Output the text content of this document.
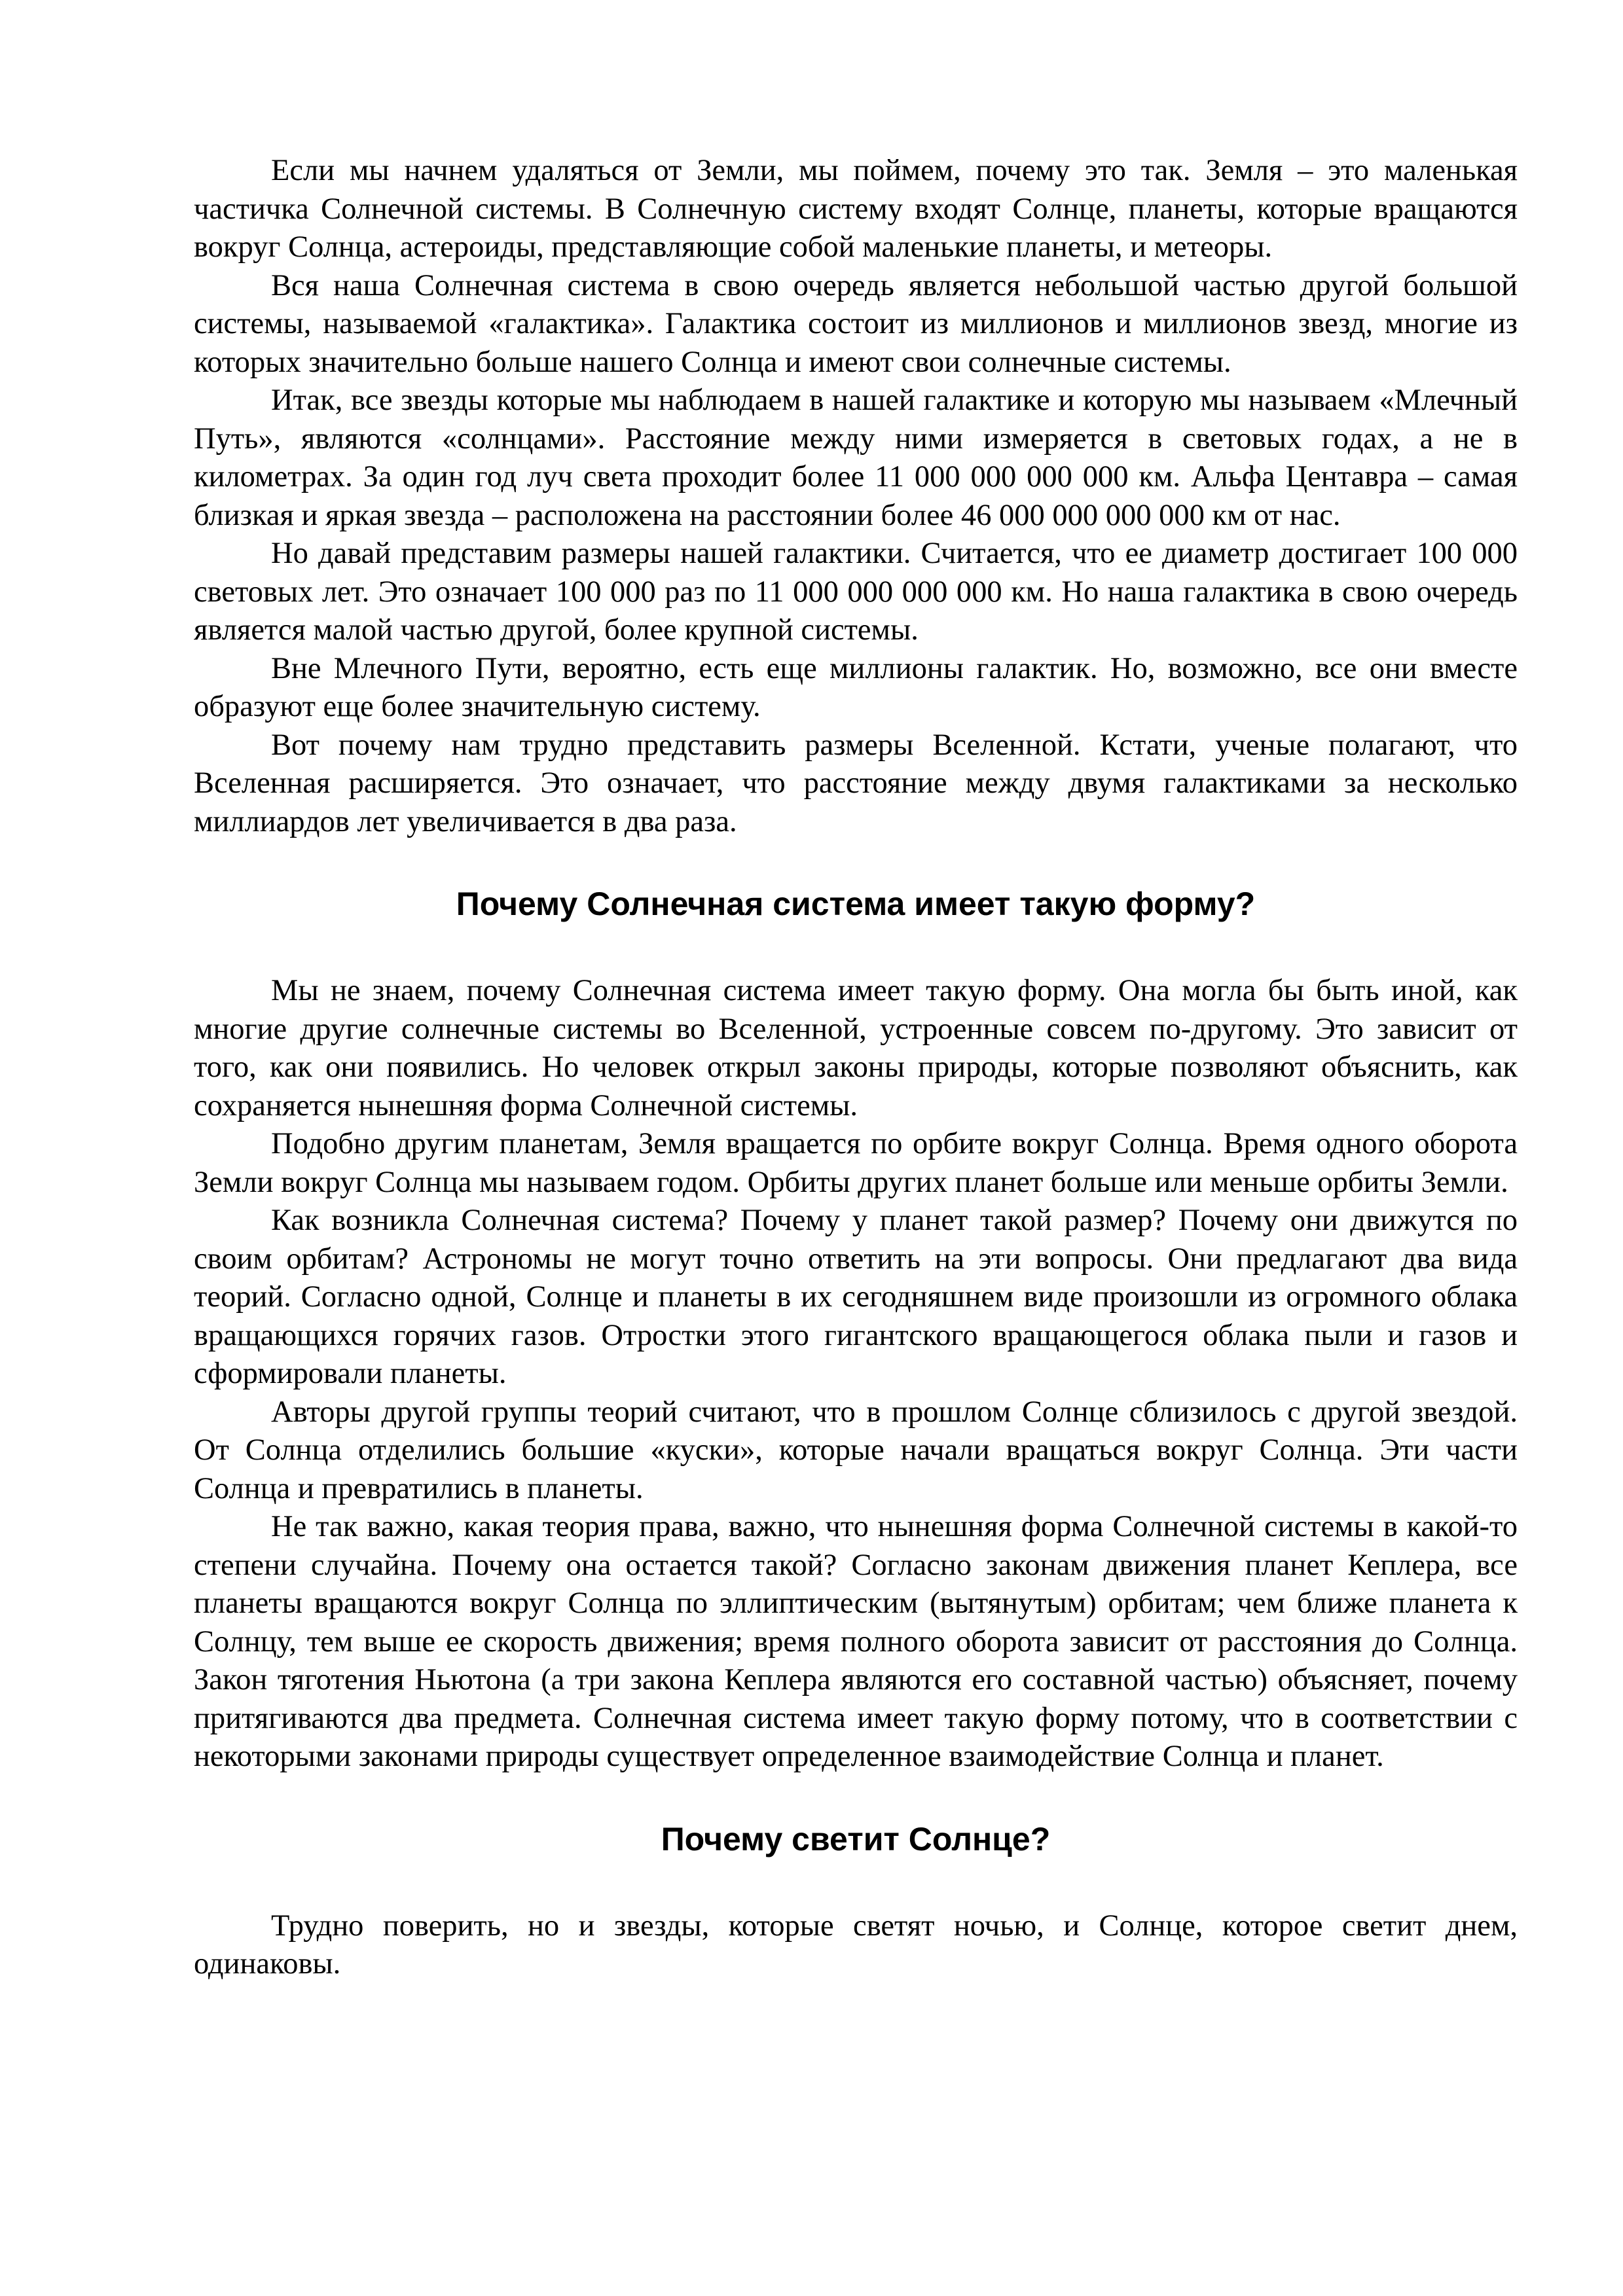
Если мы начнем удаляться от Земли, мы поймем, почему это так. Земля – это маленькая частичка Солнечной системы. В Солнечную систему входят Солнце, планеты, которые вращаются вокруг Солнца, астероиды, представляющие собой маленькие планеты, и метеоры.

Вся наша Солнечная система в свою очередь является небольшой частью другой большой системы, называемой «галактика». Галактика состоит из миллионов и миллионов звезд, многие из которых значительно больше нашего Солнца и имеют свои солнечные системы.

Итак, все звезды которые мы наблюдаем в нашей галактике и которую мы называем «Млечный Путь», являются «солнцами». Расстояние между ними измеряется в световых годах, а не в километрах. За один год луч света проходит более 11 000 000 000 000 км. Альфа Центавра – самая близкая и яркая звезда – расположена на расстоянии более 46 000 000 000 000 км от нас.

Но давай представим размеры нашей галактики. Считается, что ее диаметр достигает 100 000 световых лет. Это означает 100 000 раз по 11 000 000 000 000 км. Но наша галактика в свою очередь является малой частью другой, более крупной системы.

Вне Млечного Пути, вероятно, есть еще миллионы галактик. Но, возможно, все они вместе образуют еще более значительную систему.

Вот почему нам трудно представить размеры Вселенной. Кстати, ученые полагают, что Вселенная расширяется. Это означает, что расстояние между двумя галактиками за несколько миллиардов лет увеличивается в два раза.

Почему Солнечная система имеет такую форму?

Мы не знаем, почему Солнечная система имеет такую форму. Она могла бы быть иной, как многие другие солнечные системы во Вселенной, устроенные совсем по-другому. Это зависит от того, как они появились. Но человек открыл законы природы, которые позволяют объяснить, как сохраняется нынешняя форма Солнечной системы.

Подобно другим планетам, Земля вращается по орбите вокруг Солнца. Время одного оборота Земли вокруг Солнца мы называем годом. Орбиты других планет больше или меньше орбиты Земли.

Как возникла Солнечная система? Почему у планет такой размер? Почему они движутся по своим орбитам? Астрономы не могут точно ответить на эти вопросы. Они предлагают два вида теорий. Согласно одной, Солнце и планеты в их сегодняшнем виде произошли из огромного облака вращающихся горячих газов. Отростки этого гигантского вращающегося облака пыли и газов и сформировали планеты.

Авторы другой группы теорий считают, что в прошлом Солнце сблизилось с другой звездой. От Солнца отделились большие «куски», которые начали вращаться вокруг Солнца. Эти части Солнца и превратились в планеты.

Не так важно, какая теория права, важно, что нынешняя форма Солнечной системы в какой-то степени случайна. Почему она остается такой? Согласно законам движения планет Кеплера, все планеты вращаются вокруг Солнца по эллиптическим (вытянутым) орбитам; чем ближе планета к Солнцу, тем выше ее скорость движения; время полного оборота зависит от расстояния до Солнца. Закон тяготения Ньютона (а три закона Кеплера являются его составной частью) объясняет, почему притягиваются два предмета. Солнечная система имеет такую форму потому, что в соответствии с некоторыми законами природы существует определенное взаимодействие Солнца и планет.

Почему светит Солнце?

Трудно поверить, но и звезды, которые светят ночью, и Солнце, которое светит днем, одинаковы.
